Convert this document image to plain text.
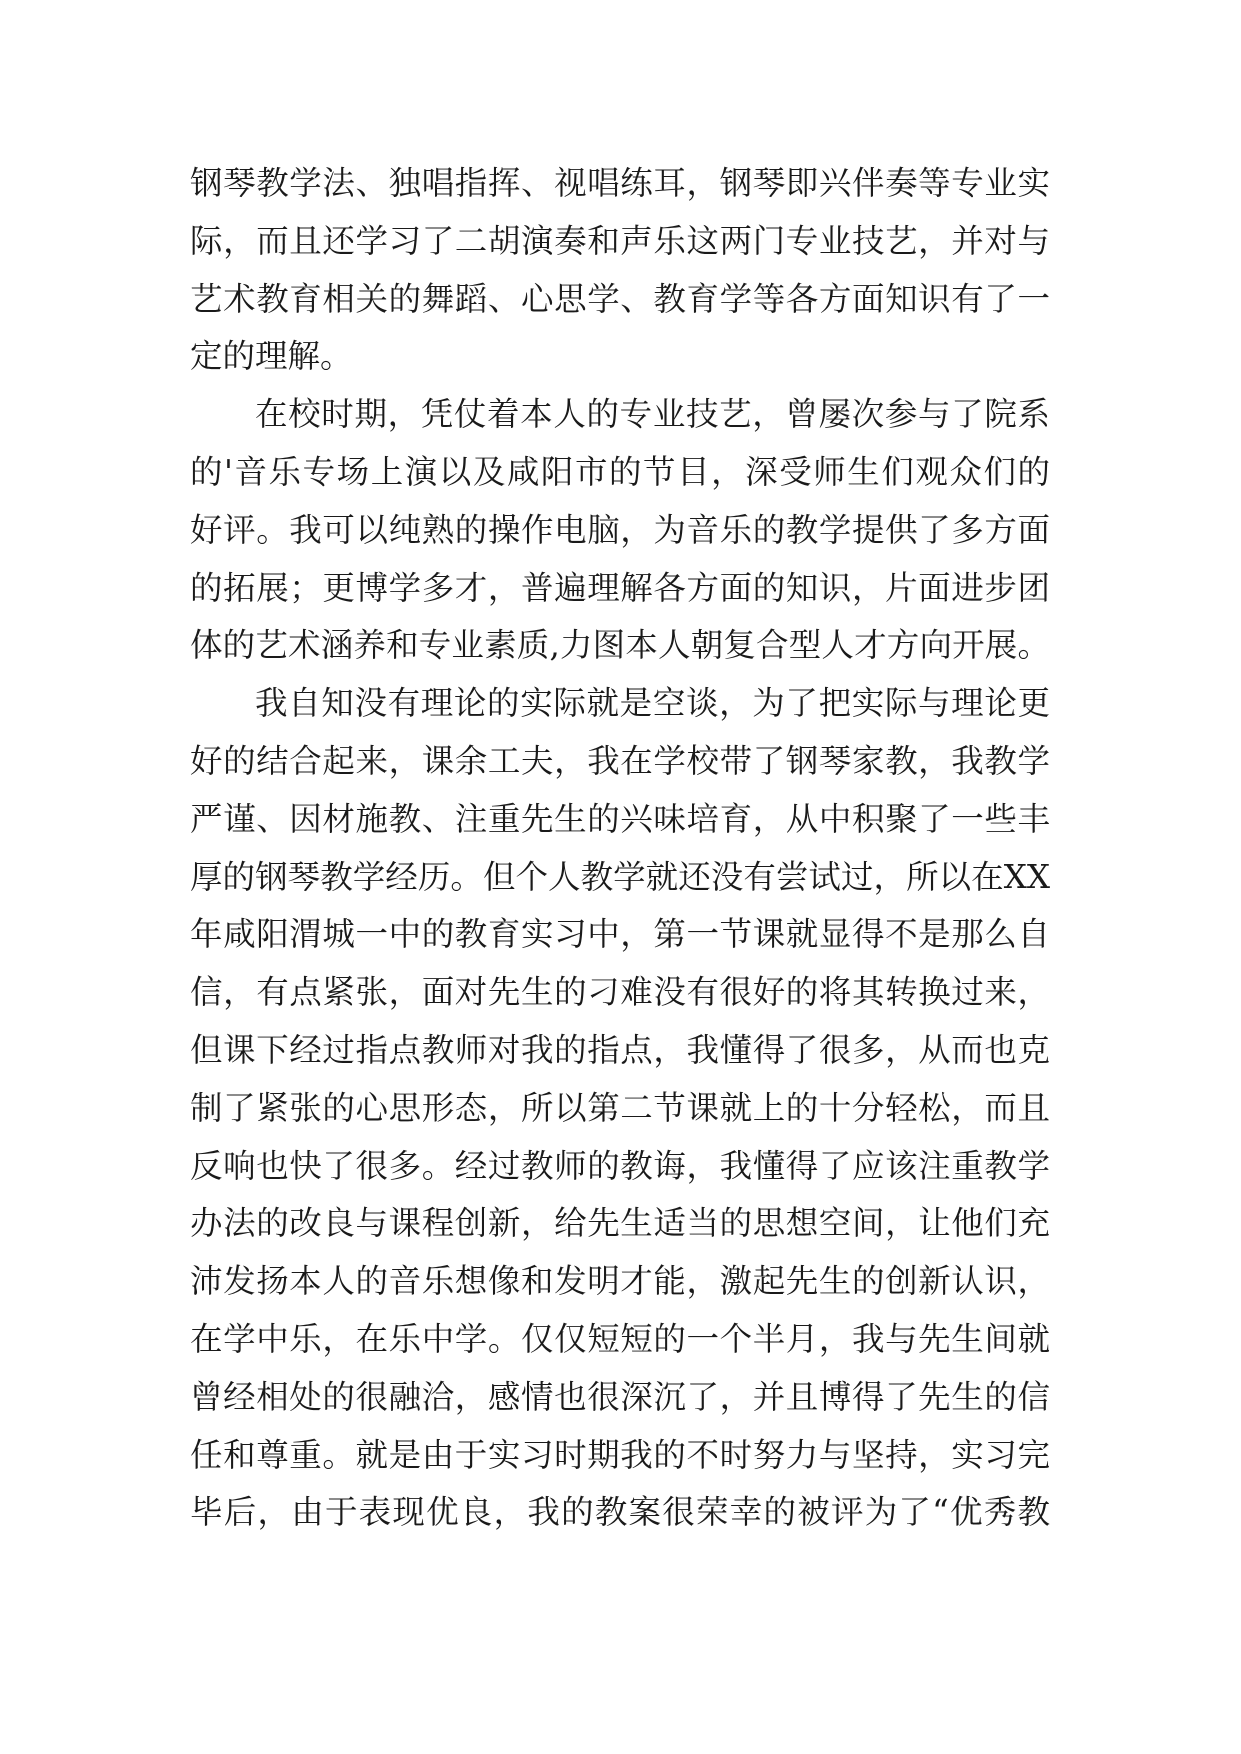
钢琴教学法、独唱指挥、视唱练耳，钢琴即兴伴奏等专业实
际，而且还学习了二胡演奏和声乐这两门专业技艺，并对与
艺术教育相关的舞蹈、心思学、教育学等各方面知识有了一
定的理解。
在校时期，凭仗着本人的专业技艺，曾屡次参与了院系
的'音乐专场上演以及咸阳市的节目，深受师生们观众们的
好评。我可以纯熟的操作电脑，为音乐的教学提供了多方面
的拓展；更博学多才，普遍理解各方面的知识，片面进步团
体的艺术涵养和专业素质,力图本人朝复合型人才方向开展。
我自知没有理论的实际就是空谈，为了把实际与理论更
好的结合起来，课余工夫，我在学校带了钢琴家教，我教学
严谨、因材施教、注重先生的兴味培育，从中积聚了一些丰
厚的钢琴教学经历。但个人教学就还没有尝试过，所以在XX
年咸阳渭城一中的教育实习中，第一节课就显得不是那么自
信，有点紧张，面对先生的刁难没有很好的将其转换过来，
但课下经过指点教师对我的指点，我懂得了很多，从而也克
制了紧张的心思形态，所以第二节课就上的十分轻松，而且
反响也快了很多。经过教师的教诲，我懂得了应该注重教学
办法的改良与课程创新，给先生适当的思想空间，让他们充
沛发扬本人的音乐想像和发明才能，激起先生的创新认识，
在学中乐，在乐中学。仅仅短短的一个半月，我与先生间就
曾经相处的很融洽，感情也很深沉了，并且博得了先生的信
任和尊重。就是由于实习时期我的不时努力与坚持，实习完
毕后，由于表现优良，我的教案很荣幸的被评为了“优秀教
